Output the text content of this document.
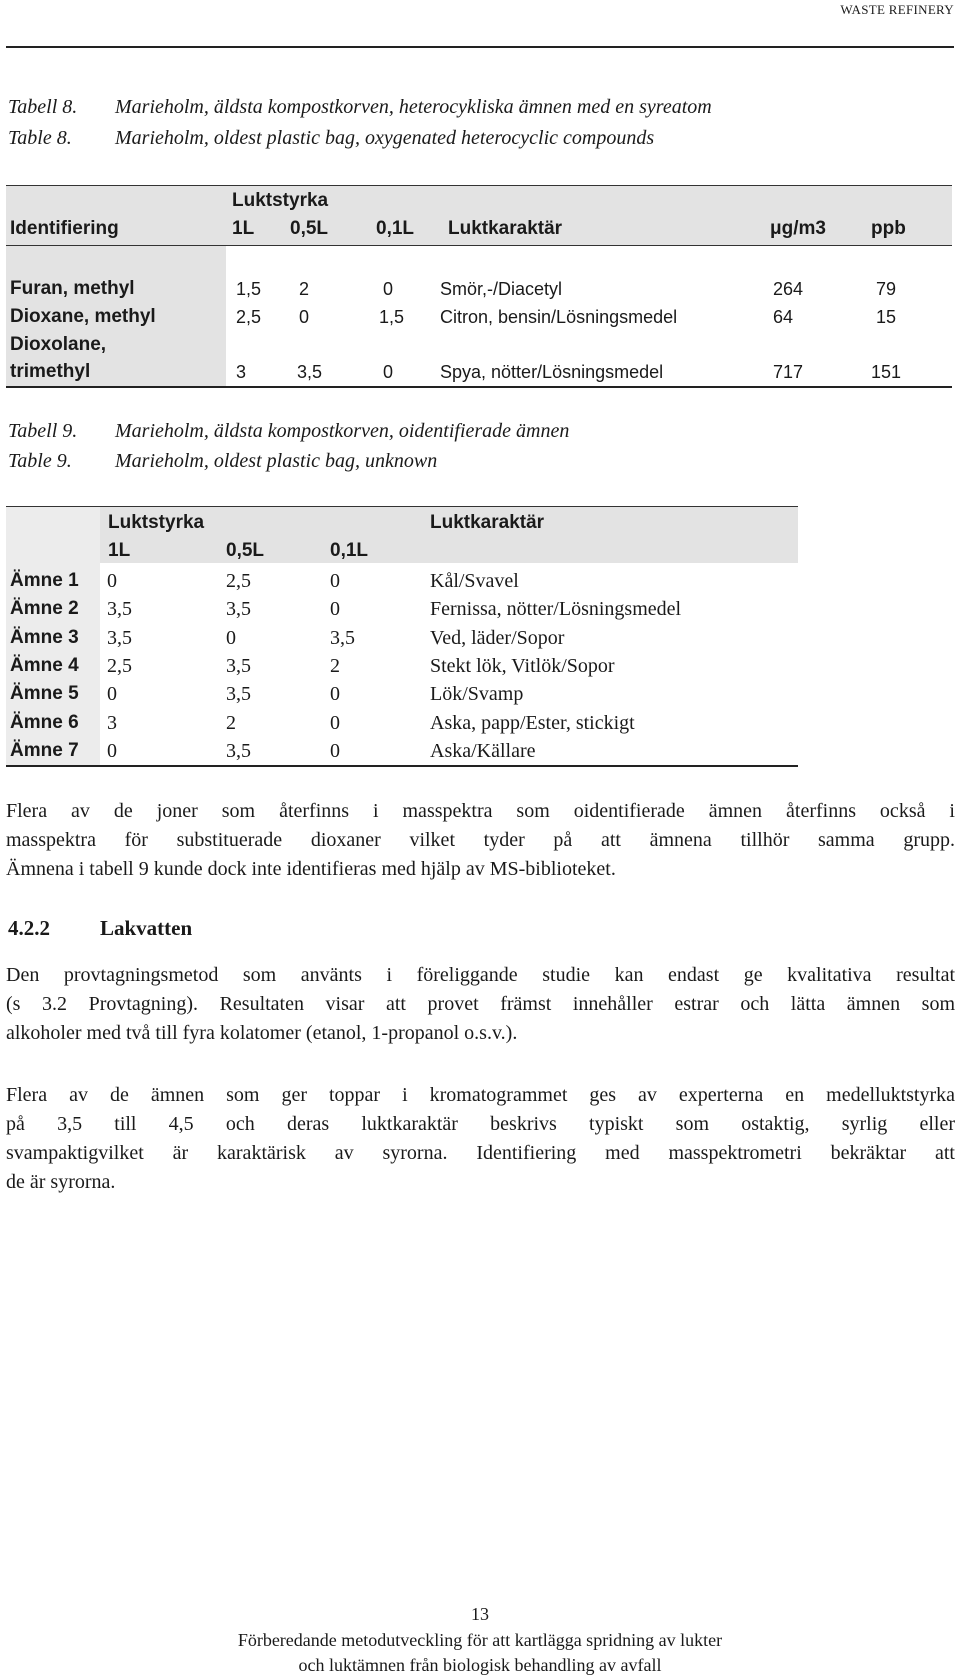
WASTE REFINERY
Tabell 8. Marieholm, äldsta kompostkorven, heterocykliska ämnen med en syreatom
Table 8. Marieholm, oldest plastic bag, oxygenated heterocyclic compounds
Luktstyrka
Identifiering	1L 0,5L	0,1L Luktkaraktär	μg/m3 ppb
Furan, methyl	1,5 2	0	Smör,-/Diacetyl	264	79
Dioxane, methyl	2,5 0	1,5 Citron, bensin/Lösningsmedel	64	15
Dioxolane,
trimethyl	3	3,5	0	Spya, nötter/Lösningsmedel	717	151
Tabell 9. Marieholm, äldsta kompostkorven, oidentifierade ämnen
Table 9. Marieholm, oldest plastic bag, unknown
Luktstyrka	Luktkaraktär
1L	0,5L	0,1L
Ämne 1 0	2,5	0	Kål/Svavel
Ämne 2 3,5	3,5	0	Fernissa, nötter/Lösningsmedel
Ämne 3 3,5	0	3,5	Ved, läder/Sopor
Ämne 4 2,5	3,5	2	Stekt lök, Vitlök/Sopor
Ämne 5 0	3,5	0	Lök/Svamp
Ämne 6 3	2	0	Aska, papp/Ester, stickigt
Ämne 7 0	3,5	0	Aska/Källare
Flera av de joner som återfinns i masspektra som oidentifierade ämnen återfinns också i
masspektra för substituerade dioxaner vilket tyder på att ämnena tillhör samma grupp.
Ämnena i tabell 9 kunde dock inte identifieras med hjälp av MS-biblioteket.
4.2.2 Lakvatten
Den provtagningsmetod som använts i föreliggande studie kan endast ge kvalitativa resultat
(s 3.2 Provtagning). Resultaten visar att provet främst innehåller estrar och lätta ämnen som
alkoholer med två till fyra kolatomer (etanol, 1-propanol o.s.v.).
Flera av de ämnen som ger toppar i kromatogrammet ges av experterna en medelluktstyrka
på 3,5 till 4,5 och deras luktkaraktär beskrivs typiskt som ostaktig, syrlig eller
svampaktigvilket är karaktärisk av syrorna. Identifiering med masspektrometri bekräktar att
de är syrorna.
13
Förberedande metodutveckling för att kartlägga spridning av lukter
och luktämnen från biologisk behandling av avfall
